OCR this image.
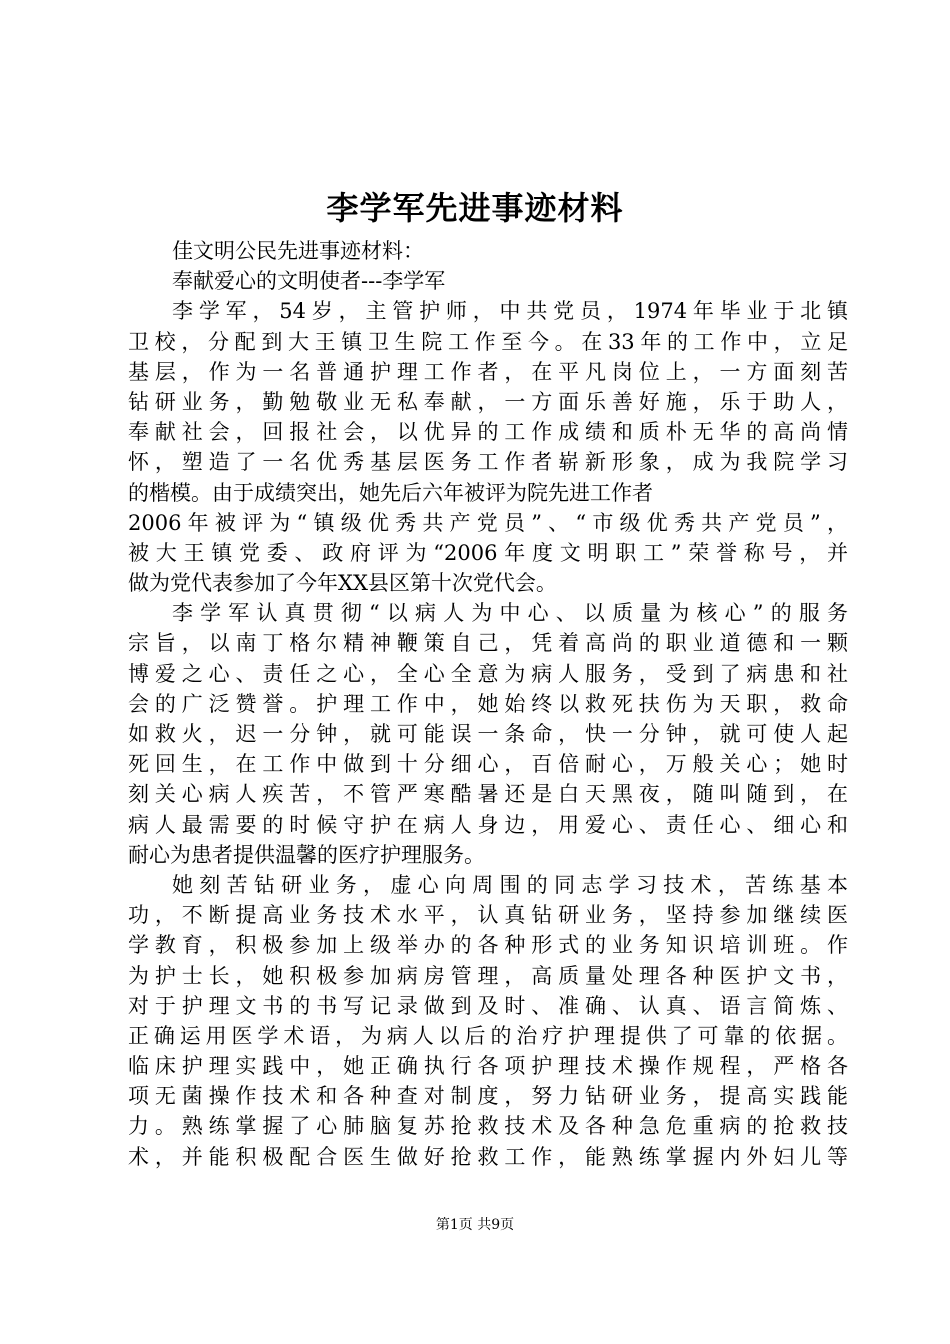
李学军先进事迹材料
佳文明公民先进事迹材料：
奉献爱心的文明使者---李学军
李学军，54岁，主管护师，中共党员，1974年毕业于北镇
卫校，分配到大王镇卫生院工作至今。在33年的工作中，立足
基层，作为一名普通护理工作者，在平凡岗位上，一方面刻苦
钻研业务，勤勉敬业无私奉献，一方面乐善好施，乐于助人，
奉献社会，回报社会，以优异的工作成绩和质朴无华的高尚情
怀，塑造了一名优秀基层医务工作者崭新形象，成为我院学习
的楷模。由于成绩突出，她先后六年被评为院先进工作者
2006年被评为“镇级优秀共产党员”、“市级优秀共产党员”，
被大王镇党委、政府评为“2006年度文明职工”荣誉称号，并
做为党代表参加了今年XX县区第十次党代会。
李学军认真贯彻“以病人为中心、以质量为核心”的服务
宗旨，以南丁格尔精神鞭策自己，凭着高尚的职业道德和一颗
博爱之心、责任之心，全心全意为病人服务，受到了病患和社
会的广泛赞誉。护理工作中，她始终以救死扶伤为天职，救命
如救火，迟一分钟，就可能误一条命，快一分钟，就可使人起
死回生，在工作中做到十分细心，百倍耐心，万般关心；她时
刻关心病人疾苦，不管严寒酷暑还是白天黑夜，随叫随到，在
病人最需要的时候守护在病人身边，用爱心、责任心、细心和
耐心为患者提供温馨的医疗护理服务。
她刻苦钻研业务，虚心向周围的同志学习技术，苦练基本
功，不断提高业务技术水平，认真钻研业务，坚持参加继续医
学教育，积极参加上级举办的各种形式的业务知识培训班。作
为护士长，她积极参加病房管理，高质量处理各种医护文书，
对于护理文书的书写记录做到及时、准确、认真、语言简炼、
正确运用医学术语，为病人以后的治疗护理提供了可靠的依据。
临床护理实践中，她正确执行各项护理技术操作规程，严格各
项无菌操作技术和各种查对制度，努力钻研业务，提高实践能
力。熟练掌握了心肺脑复苏抢救技术及各种急危重病的抢救技
术，并能积极配合医生做好抢救工作，能熟练掌握内外妇儿等
第1页 共9页
